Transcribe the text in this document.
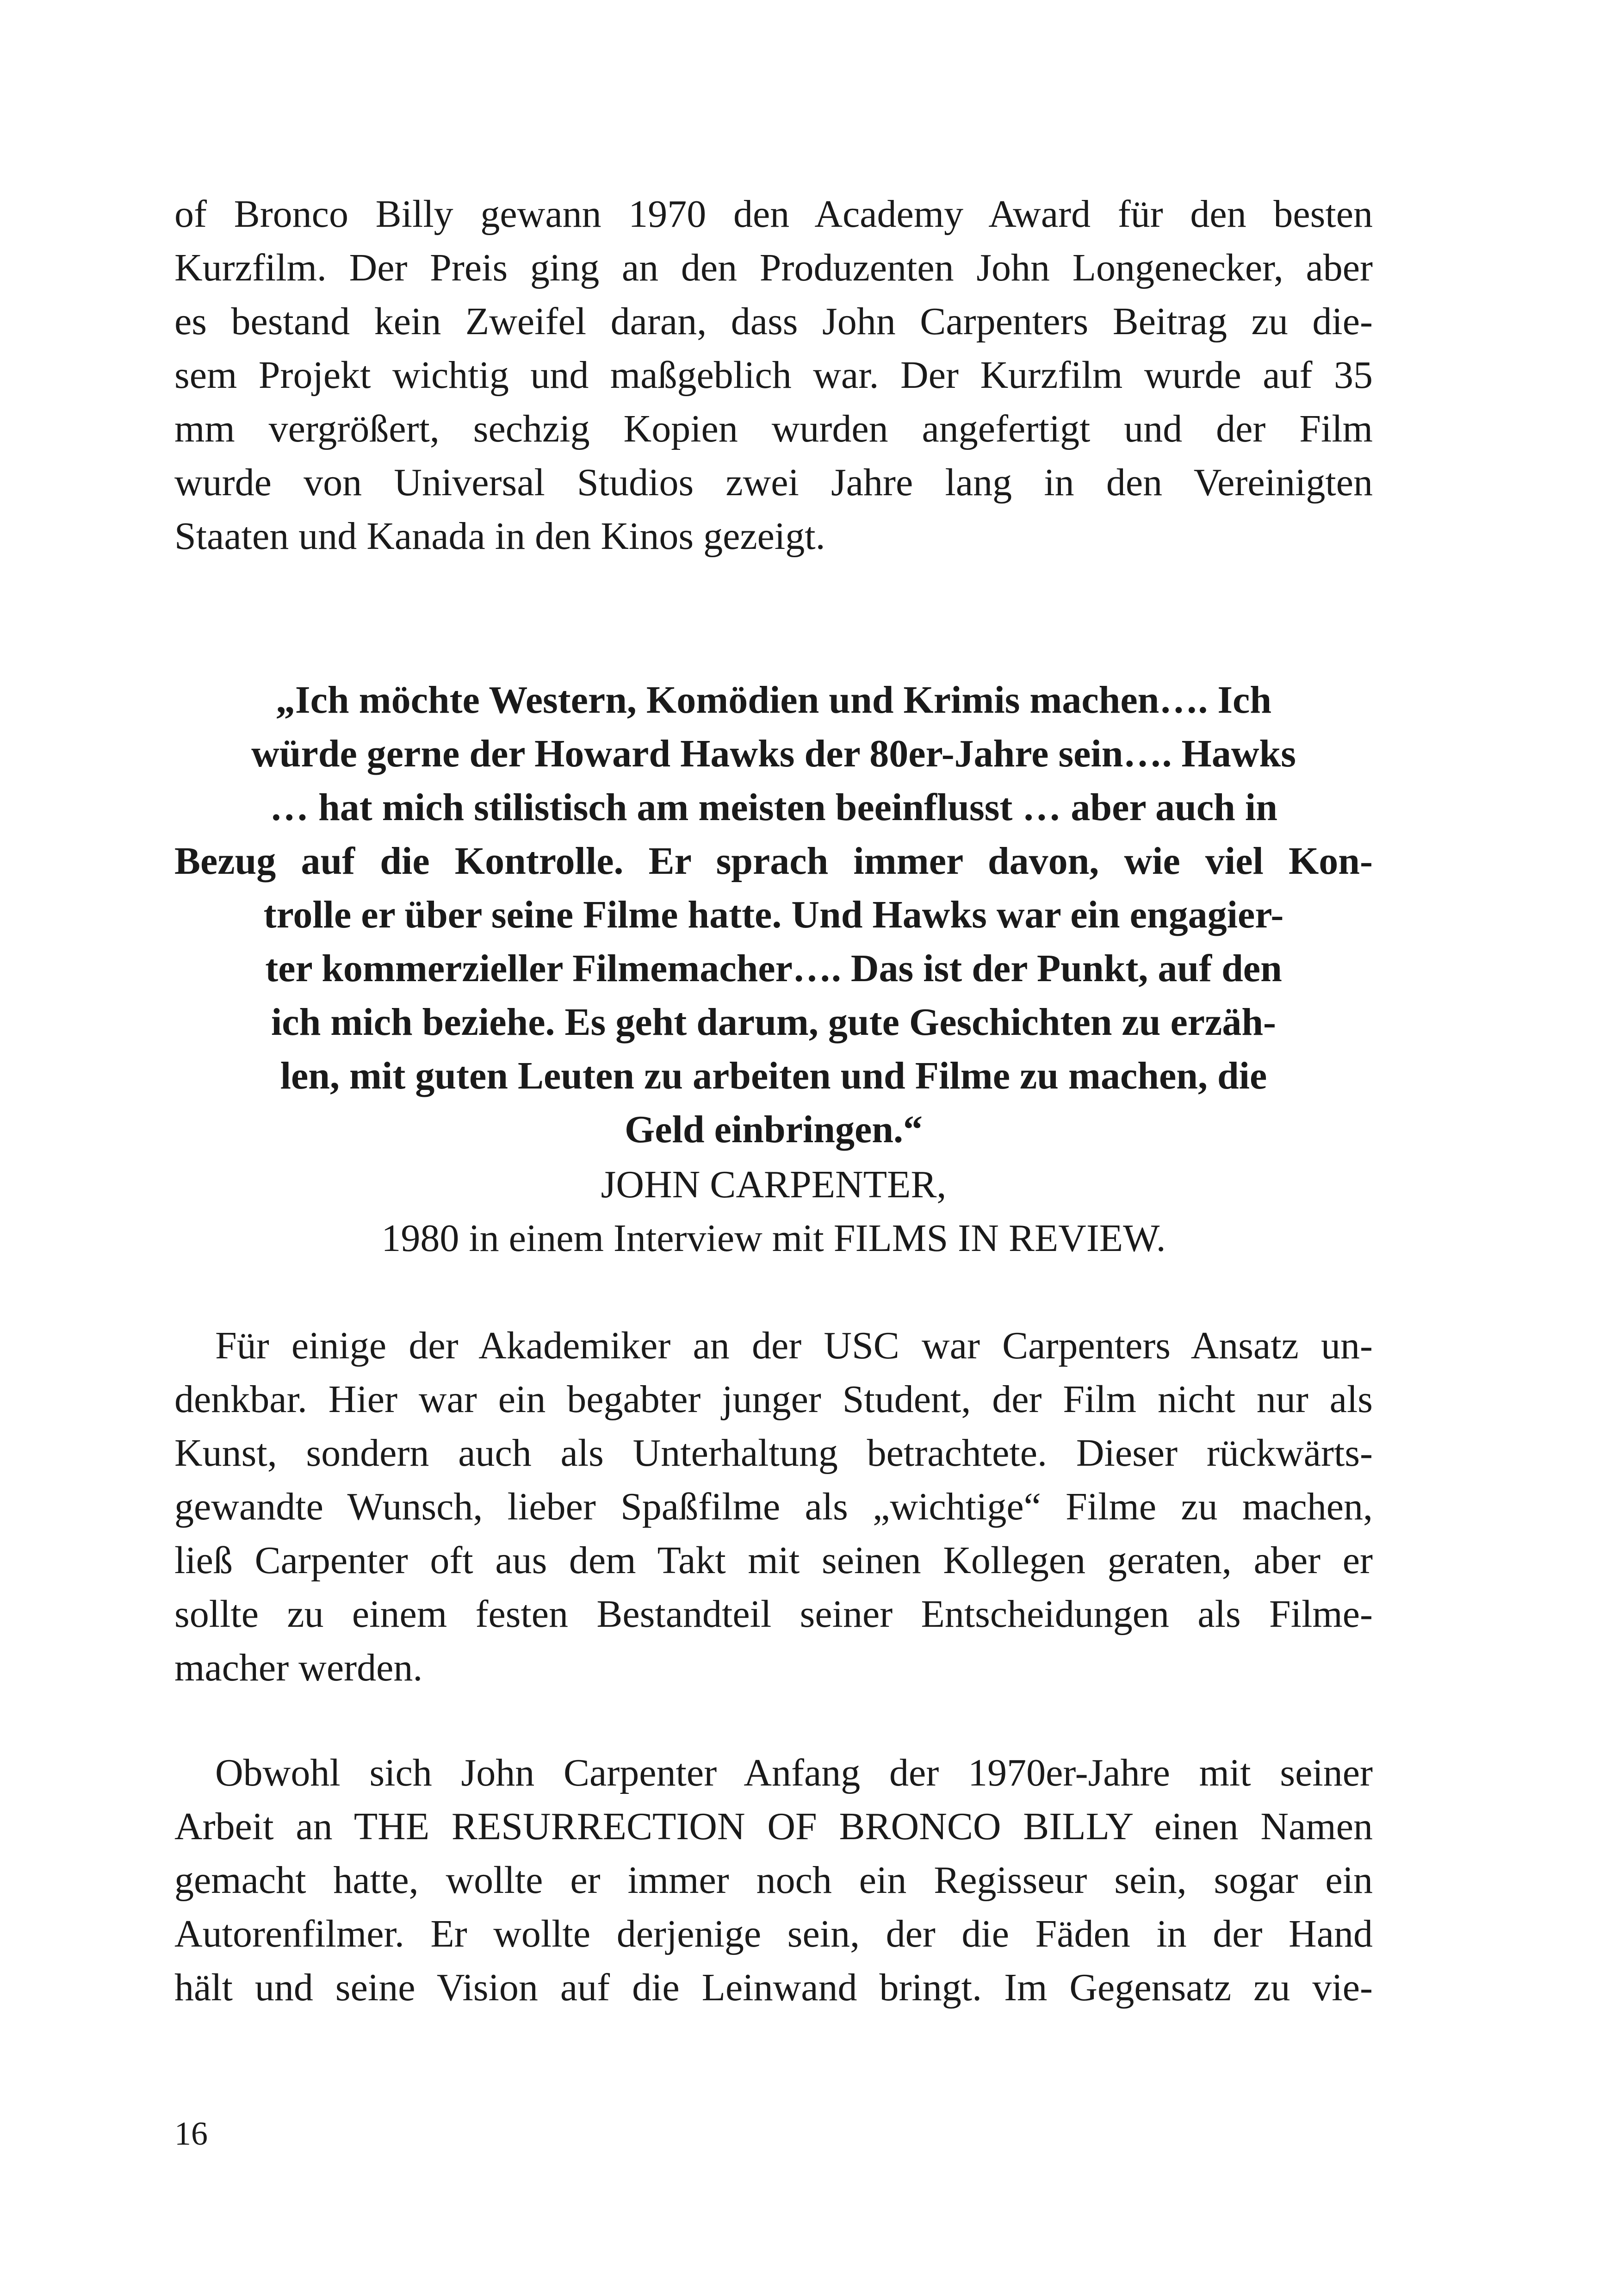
of Bronco Billy gewann 1970 den Academy Award für den besten
Kurzfilm. Der Preis ging an den Produzenten John Longenecker, aber
es bestand kein Zweifel daran, dass John Carpenters Beitrag zu die-
sem Projekt wichtig und maßgeblich war. Der Kurzfilm wurde auf 35
mm vergrößert, sechzig Kopien wurden angefertigt und der Film
wurde von Universal Studios zwei Jahre lang in den Vereinigten
Staaten und Kanada in den Kinos gezeigt.
„Ich möchte Western, Komödien und Krimis machen…. Ich
würde gerne der Howard Hawks der 80er-Jahre sein…. Hawks
… hat mich stilistisch am meisten beeinflusst … aber auch in
Bezug auf die Kontrolle. Er sprach immer davon, wie viel Kon-
trolle er über seine Filme hatte. Und Hawks war ein engagier-
ter kommerzieller Filmemacher…. Das ist der Punkt, auf den
ich mich beziehe. Es geht darum, gute Geschichten zu erzäh-
len, mit guten Leuten zu arbeiten und Filme zu machen, die
Geld einbringen.“
JOHN CARPENTER,
1980 in einem Interview mit FILMS IN REVIEW.
Für einige der Akademiker an der USC war Carpenters Ansatz un-
denkbar. Hier war ein begabter junger Student, der Film nicht nur als
Kunst, sondern auch als Unterhaltung betrachtete. Dieser rückwärts-
gewandte Wunsch, lieber Spaßfilme als „wichtige“ Filme zu machen,
ließ Carpenter oft aus dem Takt mit seinen Kollegen geraten, aber er
sollte zu einem festen Bestandteil seiner Entscheidungen als Filme-
macher werden.
Obwohl sich John Carpenter Anfang der 1970er-Jahre mit seiner
Arbeit an THE RESURRECTION OF BRONCO BILLY einen Namen
gemacht hatte, wollte er immer noch ein Regisseur sein, sogar ein
Autorenfilmer. Er wollte derjenige sein, der die Fäden in der Hand
hält und seine Vision auf die Leinwand bringt. Im Gegensatz zu vie-
16
